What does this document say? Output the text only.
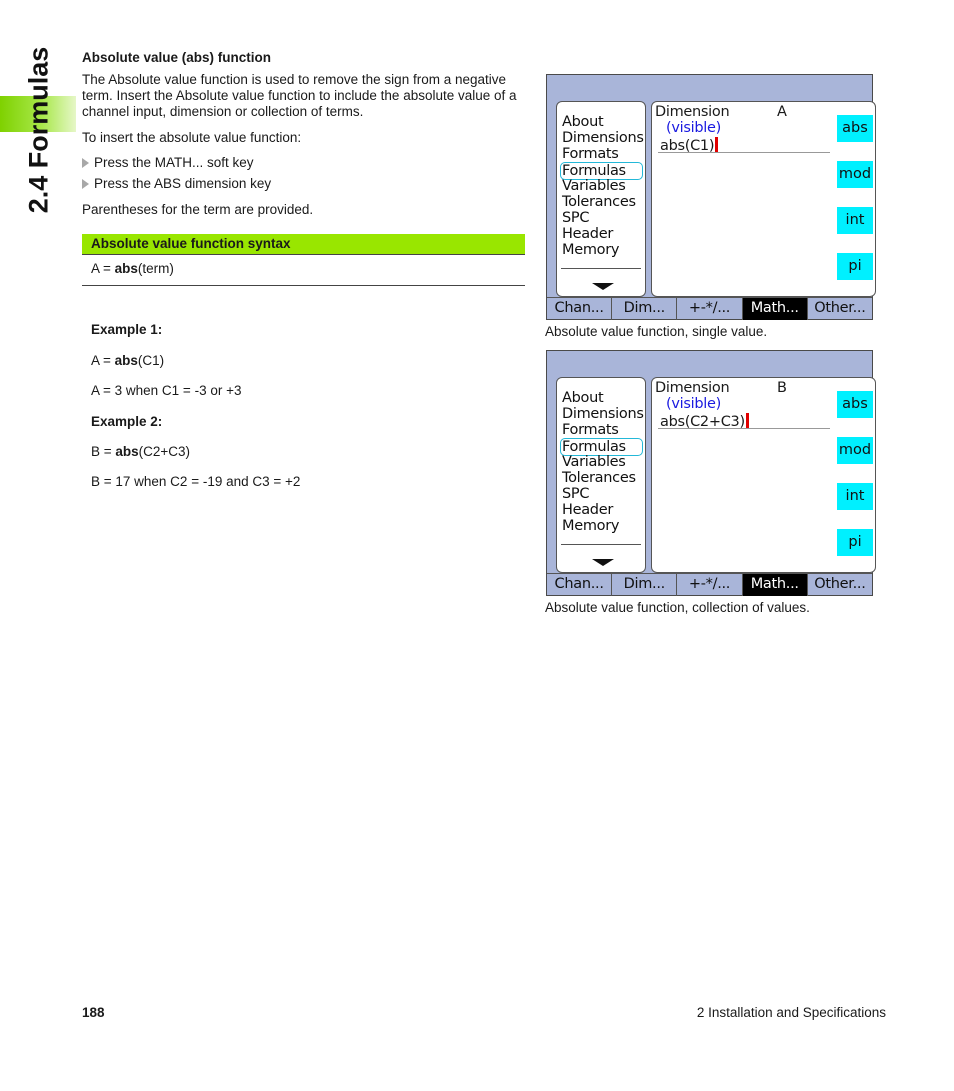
2.4 Formulas Absolute value (abs) function
The Absolute value function is used to remove the sign from a negative term. Insert the Absolute value function to include the absolute value of a channel input, dimension or collection of terms.
To insert the absolute value function:
Press the MATH... soft key
Press the ABS dimension key
Parentheses for the term are provided.
Absolute value function syntax
A = abs(term)
Example 1:
A = abs(C1)
A = 3 when C1 = -3 or +3
Example 2:
B = abs(C2+C3)
B = 17 when C2 = -19 and C3 = +2
About
Dimensions
Formats
Formulas
Variables
Tolerances
SPC
Header
Memory
Dimension	A
(visible)
abs(C1)
abs
mod
int
pi
Chan...	Dim...	+-*/...	Math...	Other...
Absolute value function, single value.
About
Dimensions
Formats
Formulas
Variables
Tolerances
SPC
Header
Memory
Dimension	B
(visible)
abs(C2+C3)
abs
mod
int
pi
Chan...	Dim...	+-*/...	Math...	Other...
Absolute value function, collection of values.
188	2 Installation and Specifications
